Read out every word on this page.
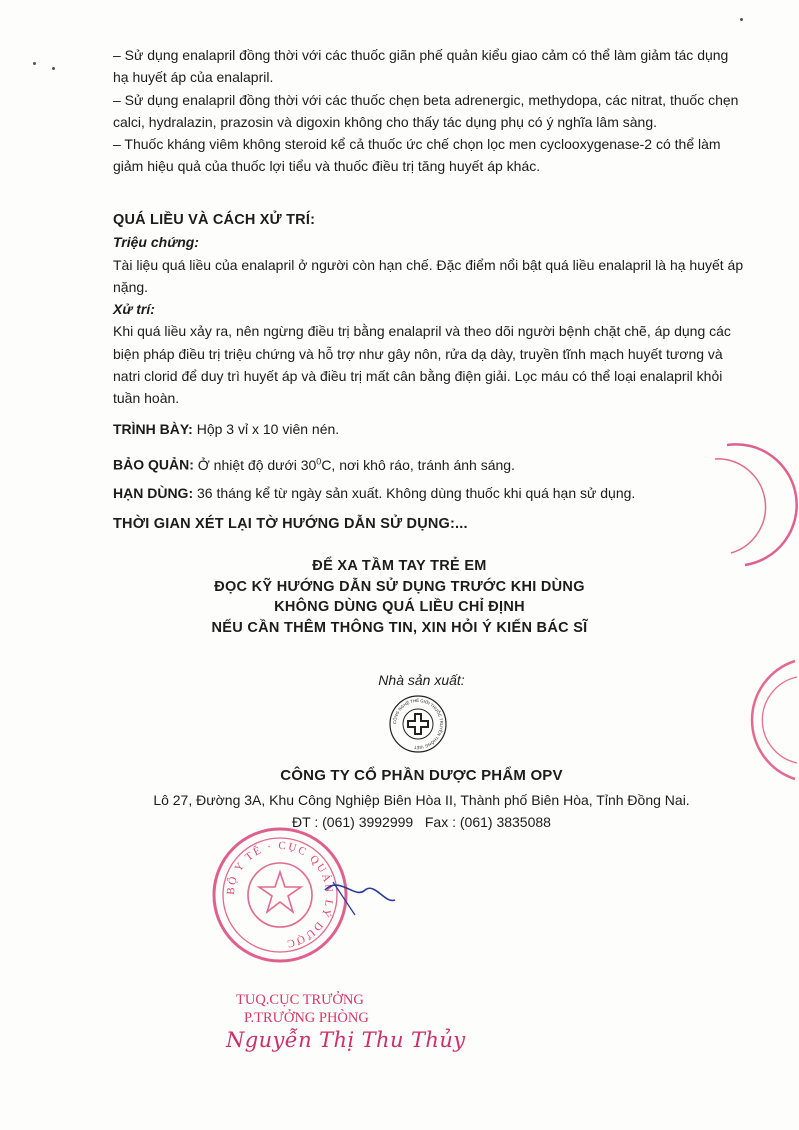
– Sử dụng enalapril đồng thời với các thuốc giãn phế quản kiểu giao cảm có thể làm giảm tác dụng hạ huyết áp của enalapril.

– Sử dụng enalapril đồng thời với các thuốc chẹn beta adrenergic, methydopa, các nitrat, thuốc chẹn calci, hydralazin, prazosin và digoxin không cho thấy tác dụng phụ có ý nghĩa lâm sàng.

– Thuốc kháng viêm không steroid kể cả thuốc ức chế chọn lọc men cyclooxygenase-2 có thể làm giảm hiệu quả của thuốc lợi tiểu và thuốc điều trị tăng huyết áp khác.

QUÁ LIỀU VÀ CÁCH XỬ TRÍ:

Triệu chứng:

Tài liệu quá liều của enalapril ở người còn hạn chế. Đặc điểm nổi bật quá liều enalapril là hạ huyết áp nặng.

Xử trí:

Khi quá liều xảy ra, nên ngừng điều trị bằng enalapril và theo dõi người bệnh chặt chẽ, áp dụng các biện pháp điều trị triệu chứng và hỗ trợ như gây nôn, rửa dạ dày, truyền tĩnh mạch huyết tương và natri clorid để duy trì huyết áp và điều trị mất cân bằng điện giải. Lọc máu có thể loại enalapril khỏi tuần hoàn.

TRÌNH BÀY: Hộp 3 vỉ x 10 viên nén.
BẢO QUẢN: Ở nhiệt độ dưới $30^0C$, nơi khô ráo, tránh ánh sáng.
HẠN DÙNG: 36 tháng kể từ ngày sản xuất. Không dùng thuốc khi quá hạn sử dụng.
THỜI GIAN XÉT LẠI TỜ HƯỚNG DẪN SỬ DỤNG:...

ĐỂ XA TẦM TAY TRẺ EM

ĐỌC KỸ HƯỚNG DẪN SỬ DỤNG TRƯỚC KHI DÙNG

KHÔNG DÙNG QUÁ LIỀU CHỈ ĐỊNH

NẾU CẦN THÊM THÔNG TIN, XIN HỎI Ý KIẾN BÁC SĨ

Nhà sản xuất:
CÔNG NGHỆ THẾ GIỚI THUỐC TRUYỀN THỐNG VIỆT
CÔNG TY CỔ PHẦN DƯỢC PHẨM OPV
Lô 27, Đường 3A, Khu Công Nghiệp Biên Hòa II, Thành phố Biên Hòa, Tỉnh Đồng Nai.
ĐT : (061) 3992999   Fax : (061) 3835088
BỘ Y TẾ · CỤC QUẢN LÝ DƯỢC
TUQ.CỤC TRƯỞNG
P.TRƯỞNG PHÒNG
Nguyễn Thị Thu Thủy
